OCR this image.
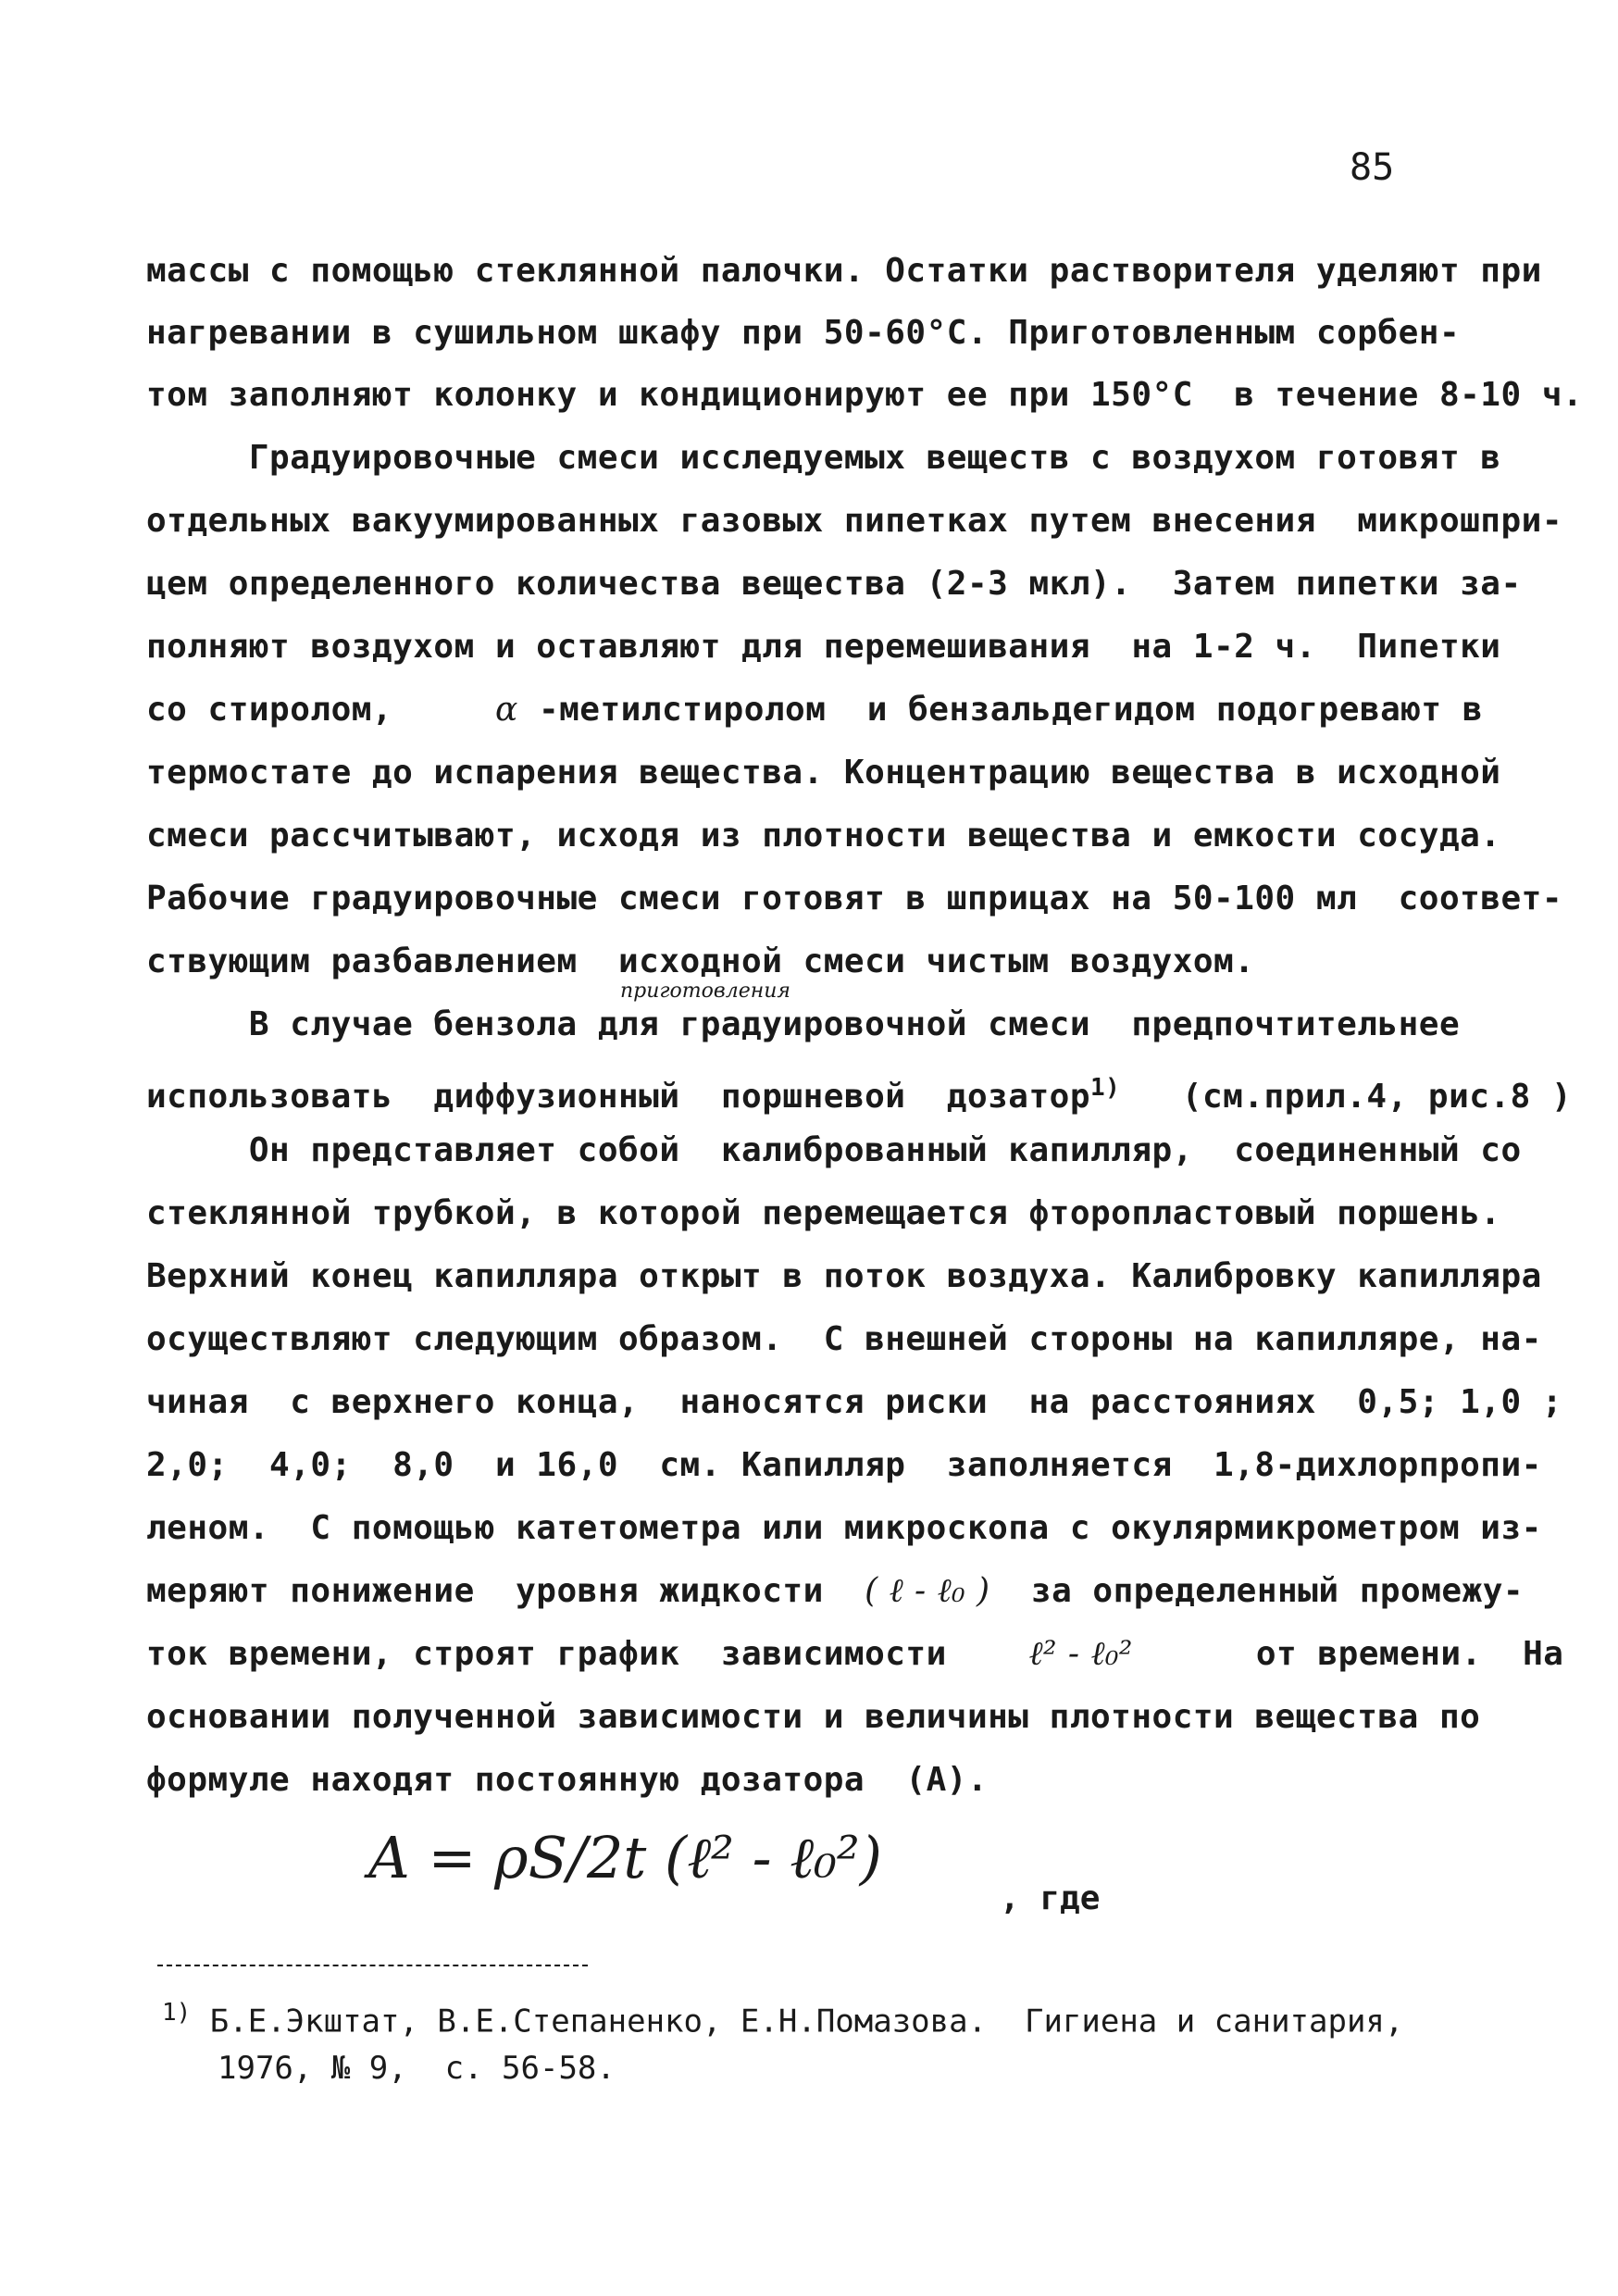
85
массы с помощью стеклянной палочки. Остатки растворителя уделяют при
нагревании в сушильном шкафу при 50-60°С. Приготовленным сорбен-
том заполняют колонку и кондиционируют ее при 150°С  в течение 8-10 ч.
Градуировочные смеси исследуемых веществ с воздухом готовят в
отдельных вакуумированных газовых пипетках путем внесения  микрошпри-
цем определенного количества вещества (2-3 мкл).  Затем пипетки за-
полняют воздухом и оставляют для перемешивания  на 1-2 ч.  Пипетки
со стиролом,	α -метилстиролом  и бензальдегидом подогревают в
термостате до испарения вещества. Концентрацию вещества в исходной
смеси рассчитывают, исходя из плотности вещества и емкости сосуда.
Рабочие градуировочные смеси готовят в шприцах на 50-100 мл  соответ-
ствующим разбавлением  исходной смеси чистым воздухом.
приготовления
В случае бензола для градуировочной смеси  предпочтительнее
использовать  диффузионный  поршневой  дозатор$^{1)}$   (см.прил.4, рис.8 )
Он представляет собой  калиброванный капилляр,  соединенный со
стеклянной трубкой, в которой перемещается фторопластовый поршень.
Верхний конец капилляра открыт в поток воздуха. Калибровку капилляра
осуществляют следующим образом.  С внешней стороны на капилляре, на-
чиная  с верхнего конца,  наносятся риски  на расстояниях  0,5; 1,0 ;
2,0;  4,0;  8,0  и 16,0  см. Капилляр  заполняется  1,8-дихлорпропи-
леном.  С помощью катетометра или микроскопа с окулярмикрометром из-
меряют понижение  уровня жидкости ( ℓ - ℓ₀ )  за определенный промежу-
ток времени, строят график  зависимости ℓ² - ℓ₀²      от времени.  На
основании полученной зависимости и величины плотности вещества по
формуле находят постоянную дозатора  (А).
A = ρS/2t (ℓ² - ℓ₀²)
, где
$^{1)}$ Б.Е.Экштат, В.Е.Степаненко, Е.Н.Помазова.  Гигиена и санитария,
1976, № 9,  с. 56-58.
